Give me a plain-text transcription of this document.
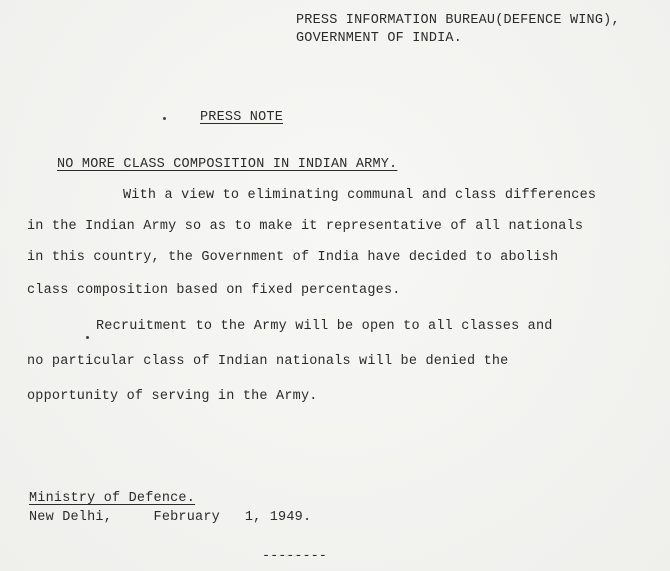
PRESS INFORMATION BUREAU(DEFENCE WING),
GOVERNMENT OF INDIA.
PRESS NOTE
NO MORE CLASS COMPOSITION IN INDIAN ARMY.
With a view to eliminating communal and class differences
in the Indian Army so as to make it representative of all nationals
in this country, the Government of India have decided to abolish
class composition based on fixed percentages.
Recruitment to the Army will be open to all classes and
no particular class of Indian nationals will be denied the
opportunity of serving in the Army.
Ministry of Defence.
New Delhi,     February   1, 1949.
--------
